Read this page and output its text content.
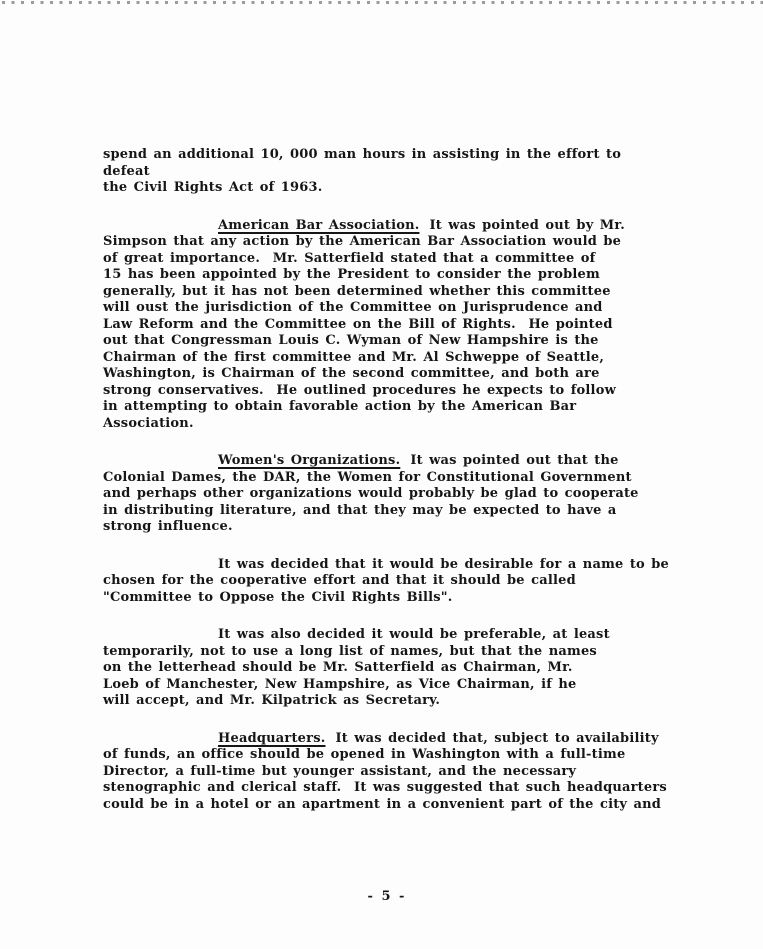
spend an additional 10, 000 man hours in assisting in the effort to defeat
the Civil Rights Act of 1963.
American Bar Association. It was pointed out by Mr.
Simpson that any action by the American Bar Association would be
of great importance.  Mr. Satterfield stated that a committee of
15 has been appointed by the President to consider the problem
generally, but it has not been determined whether this committee
will oust the jurisdiction of the Committee on Jurisprudence and
Law Reform and the Committee on the Bill of Rights.  He pointed
out that Congressman Louis C. Wyman of New Hampshire is the
Chairman of the first committee and Mr. Al Schweppe of Seattle,
Washington, is Chairman of the second committee, and both are
strong conservatives.  He outlined procedures he expects to follow
in attempting to obtain favorable action by the American Bar
Association.
Women's Organizations. It was pointed out that the
Colonial Dames, the DAR, the Women for Constitutional Government
and perhaps other organizations would probably be glad to cooperate
in distributing literature, and that they may be expected to have a
strong influence.
It was decided that it would be desirable for a name to be
chosen for the cooperative effort and that it should be called
"Committee to Oppose the Civil Rights Bills".
It was also decided it would be preferable, at least
temporarily, not to use a long list of names, but that the names
on the letterhead should be Mr. Satterfield as Chairman, Mr.
Loeb of Manchester, New Hampshire, as Vice Chairman, if he
will accept, and Mr. Kilpatrick as Secretary.
Headquarters. It was decided that, subject to availability
of funds, an office should be opened in Washington with a full-time
Director, a full-time but younger assistant, and the necessary
stenographic and clerical staff.  It was suggested that such headquarters
could be in a hotel or an apartment in a convenient part of the city and
- 5 -
